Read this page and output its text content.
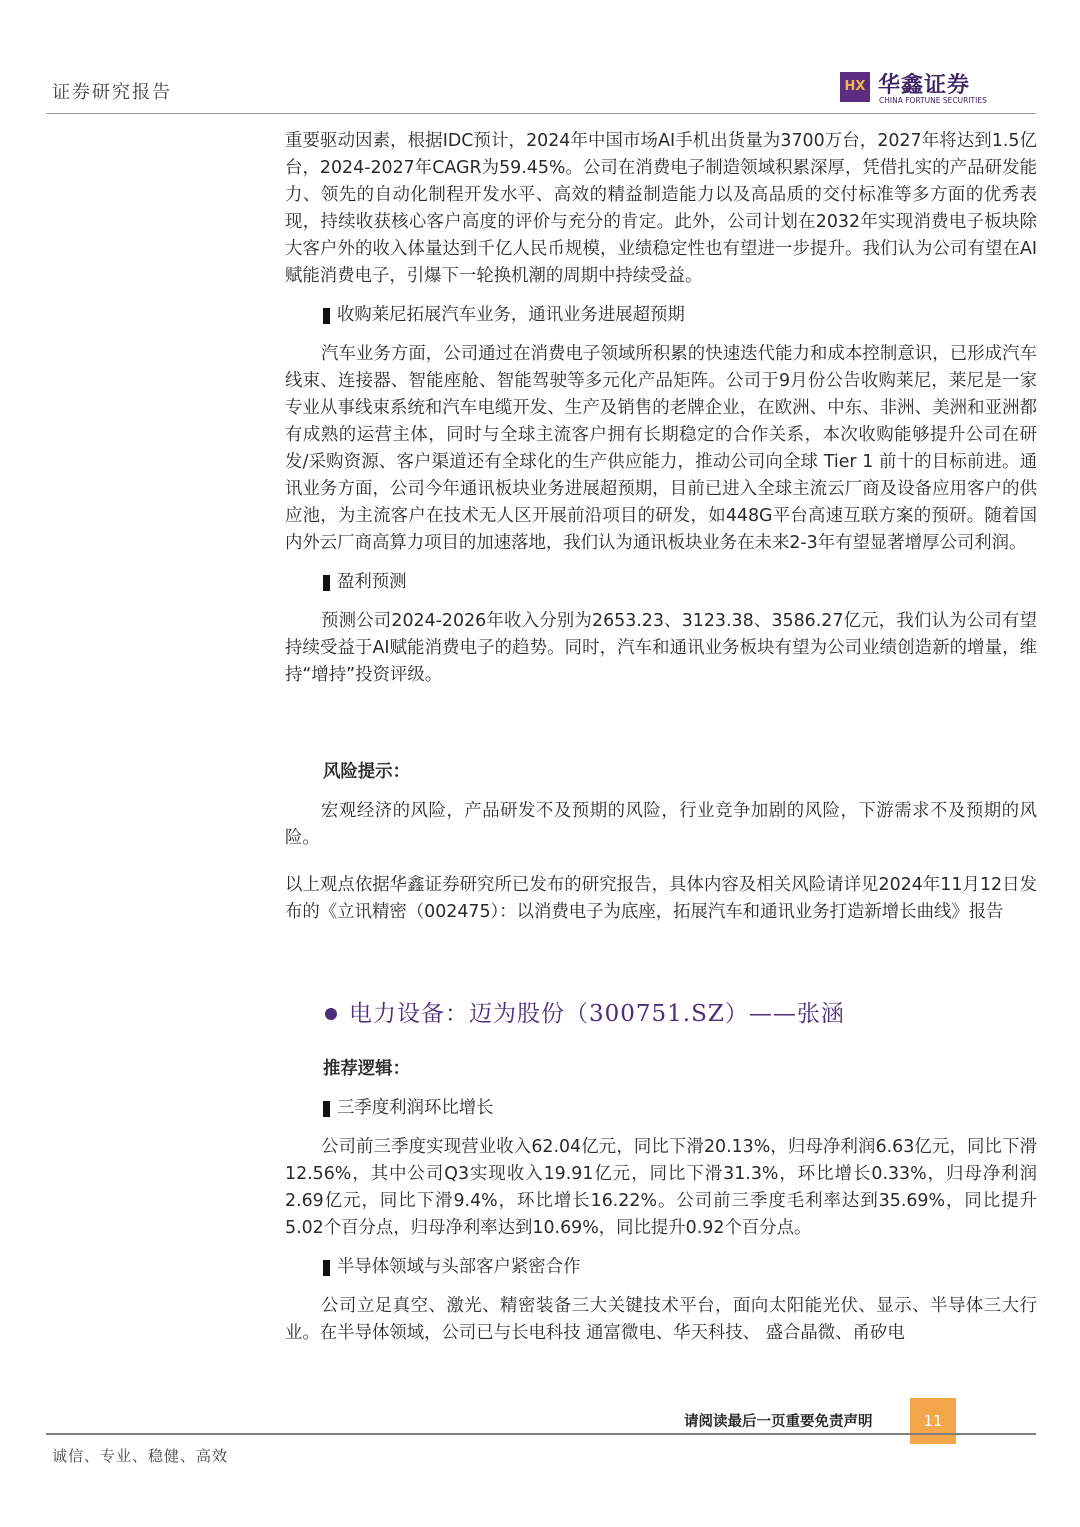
证券研究报告	HX 华鑫证券
CHINA FORTUNE SECURITIES

重要驱动因素，根据IDC预计，2024年中国市场AI手机出货量为3700万台，2027年将达到1.5亿台，2024-2027年CAGR为59.45%。公司在消费电子制造领域积累深厚，凭借扎实的产品研发能力、领先的自动化制程开发水平、高效的精益制造能力以及高品质的交付标准等多方面的优秀表现，持续收获核心客户高度的评价与充分的肯定。此外，公司计划在2032年实现消费电子板块除大客户外的收入体量达到千亿人民币规模，业绩稳定性也有望进一步提升。我们认为公司有望在AI赋能消费电子，引爆下一轮换机潮的周期中持续受益。

收购莱尼拓展汽车业务，通讯业务进展超预期

汽车业务方面，公司通过在消费电子领域所积累的快速迭代能力和成本控制意识，已形成汽车线束、连接器、智能座舱、智能驾驶等多元化产品矩阵。公司于9月份公告收购莱尼，莱尼是一家专业从事线束系统和汽车电缆开发、生产及销售的老牌企业，在欧洲、中东、非洲、美洲和亚洲都有成熟的运营主体，同时与全球主流客户拥有长期稳定的合作关系，本次收购能够提升公司在研发/采购资源、客户渠道还有全球化的生产供应能力，推动公司向全球 Tier 1 前十的目标前进。通讯业务方面，公司今年通讯板块业务进展超预期，目前已进入全球主流云厂商及设备应用客户的供应池，为主流客户在技术无人区开展前沿项目的研发，如448G平台高速互联方案的预研。随着国内外云厂商高算力项目的加速落地，我们认为通讯板块业务在未来2-3年有望显著增厚公司利润。

盈利预测

预测公司2024-2026年收入分别为2653.23、3123.38、3586.27亿元，我们认为公司有望持续受益于AI赋能消费电子的趋势。同时，汽车和通讯业务板块有望为公司业绩创造新的增量，维持“增持”投资评级。

风险提示：

宏观经济的风险，产品研发不及预期的风险，行业竞争加剧的风险，下游需求不及预期的风险。

以上观点依据华鑫证券研究所已发布的研究报告，具体内容及相关风险请详见2024年11月12日发布的《立讯精密（002475）：以消费电子为底座，拓展汽车和通讯业务打造新增长曲线》报告

电力设备：迈为股份（300751.SZ）——张涵
推荐逻辑：
三季度利润环比增长

公司前三季度实现营业收入62.04亿元，同比下滑20.13%，归母净利润6.63亿元，同比下滑12.56%，其中公司Q3实现收入19.91亿元，同比下滑31.3%，环比增长0.33%，归母净利润2.69亿元，同比下滑9.4%，环比增长16.22%。公司前三季度毛利率达到35.69%，同比提升5.02个百分点，归母净利率达到10.69%，同比提升0.92个百分点。

半导体领域与头部客户紧密合作

公司立足真空、激光、精密装备三大关键技术平台，面向太阳能光伏、显示、半导体三大行业。在半导体领域，公司已与长电科技 通富微电、华天科技、 盛合晶微、甬矽电

请阅读最后一页重要免责声明	11
诚信、专业、稳健、高效
